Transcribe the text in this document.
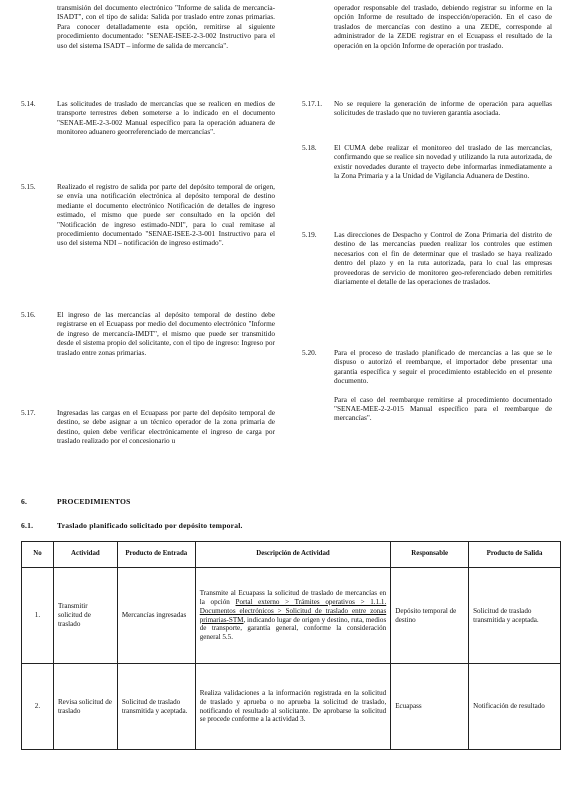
transmisión del documento electrónico "Informe de salida de mercancía-ISADT", con el tipo de salida: Salida por traslado entre zonas primarias. Para conocer detalladamente esta opción, remitirse al siguiente procedimiento documentado: "SENAE-ISEE-2-3-002 Instructivo para el uso del sistema ISADT – informe de salida de mercancía".
5.14.	Las solicitudes de traslado de mercancías que se realicen en medios de transporte terrestres deben someterse a lo indicado en el documento "SENAE-ME-2-3-002 Manual específico para la operación aduanera de monitoreo aduanero georreferenciado de mercancías".
5.15.	Realizado el registro de salida por parte del depósito temporal de origen, se envía una notificación electrónica al depósito temporal de destino mediante el documento electrónico Notificación de detalles de ingreso estimado, el mismo que puede ser consultado en la opción del "Notificación de ingreso estimado-NDI", para lo cual remitase al procedimiento documentado "SENAE-ISEE-2-3-001 Instructivo para el uso del sistema NDI – notificación de ingreso estimado".
5.16.	El ingreso de las mercancías al depósito temporal de destino debe registrarse en el Ecuapass por medio del documento electrónico "Informe de ingreso de mercancía-IMDT", el mismo que puede ser transmitido desde el sistema propio del solicitante, con el tipo de ingreso: Ingreso por traslado entre zonas primarias.
5.17.	Ingresadas las cargas en el Ecuapass por parte del depósito temporal de destino, se debe asignar a un técnico operador de la zona primaria de destino, quien debe verificar electrónicamente el ingreso de carga por traslado realizado por el concesionario u

operador responsable del traslado, debiendo registrar su informe en la opción Informe de resultado de inspección/operación. En el caso de traslados de mercancías con destino a una ZEDE, corresponde al administrador de la ZEDE registrar en el Ecuapass el resultado de la operación en la opción Informe de operación por traslado.

5.17.1. No se requiere la generación de informe de operación para aquellas solicitudes de traslado que no tuvieren garantía asociada.

5.18. El CUMA debe realizar el monitoreo del traslado de las mercancías, confirmando que se realice sin novedad y utilizando la ruta autorizada, de existir novedades durante el trayecto debe informarlas inmediatamente a la Zona Primaria y a la Unidad de Vigilancia Aduanera de Destino.

5.19. Las direcciones de Despacho y Control de Zona Primaria del distrito de destino de las mercancías pueden realizar los controles que estimen necesarios con el fin de determinar que el traslado se haya realizado dentro del plazo y en la ruta autorizada, para lo cual las empresas proveedoras de servicio de monitoreo geo-referenciado deben remitirles diariamente el detalle de las operaciones de traslados.

5.20. Para el proceso de traslado planificado de mercancías a las que se le dispuso o autorizó el reembarque, el importador debe presentar una garantía específica y seguir el procedimiento establecido en el presente documento.

Para el caso del reembarque remitirse al procedimiento documentado "SENAE-MEE-2-2-015 Manual específico para el reembarque de mercancías".

6.	PROCEDIMIENTOS
6.1.	Traslado planificado solicitado por depósito temporal.
No	Actividad	Producto de Entrada	Descripción de Actividad	Responsable	Producto de Salida
1.	Transmitir solicitud de traslado	Mercancías ingresadas	Transmite al Ecuapass la solicitud de traslado de mercancías en la opción Portal externo > Trámites operativos > 1.1.1. Documentos electrónicos > Solicitud de traslado entre zonas primarias-STM, indicando lugar de origen y destino, ruta, medios de transporte, garantía general, conforme la consideración general 5.5.	Depósito temporal de destino	Solicitud de traslado transmitida y aceptada.
2.	Revisa solicitud de traslado	Solicitud de traslado transmitida y aceptada.	Realiza validaciones a la información registrada en la solicitud de traslado y aprueba o no aprueba la solicitud de traslado, notificando el resultado al solicitante. De aprobarse la solicitud se procede conforme a la actividad 3.	Ecuapass	Notificación de resultado
